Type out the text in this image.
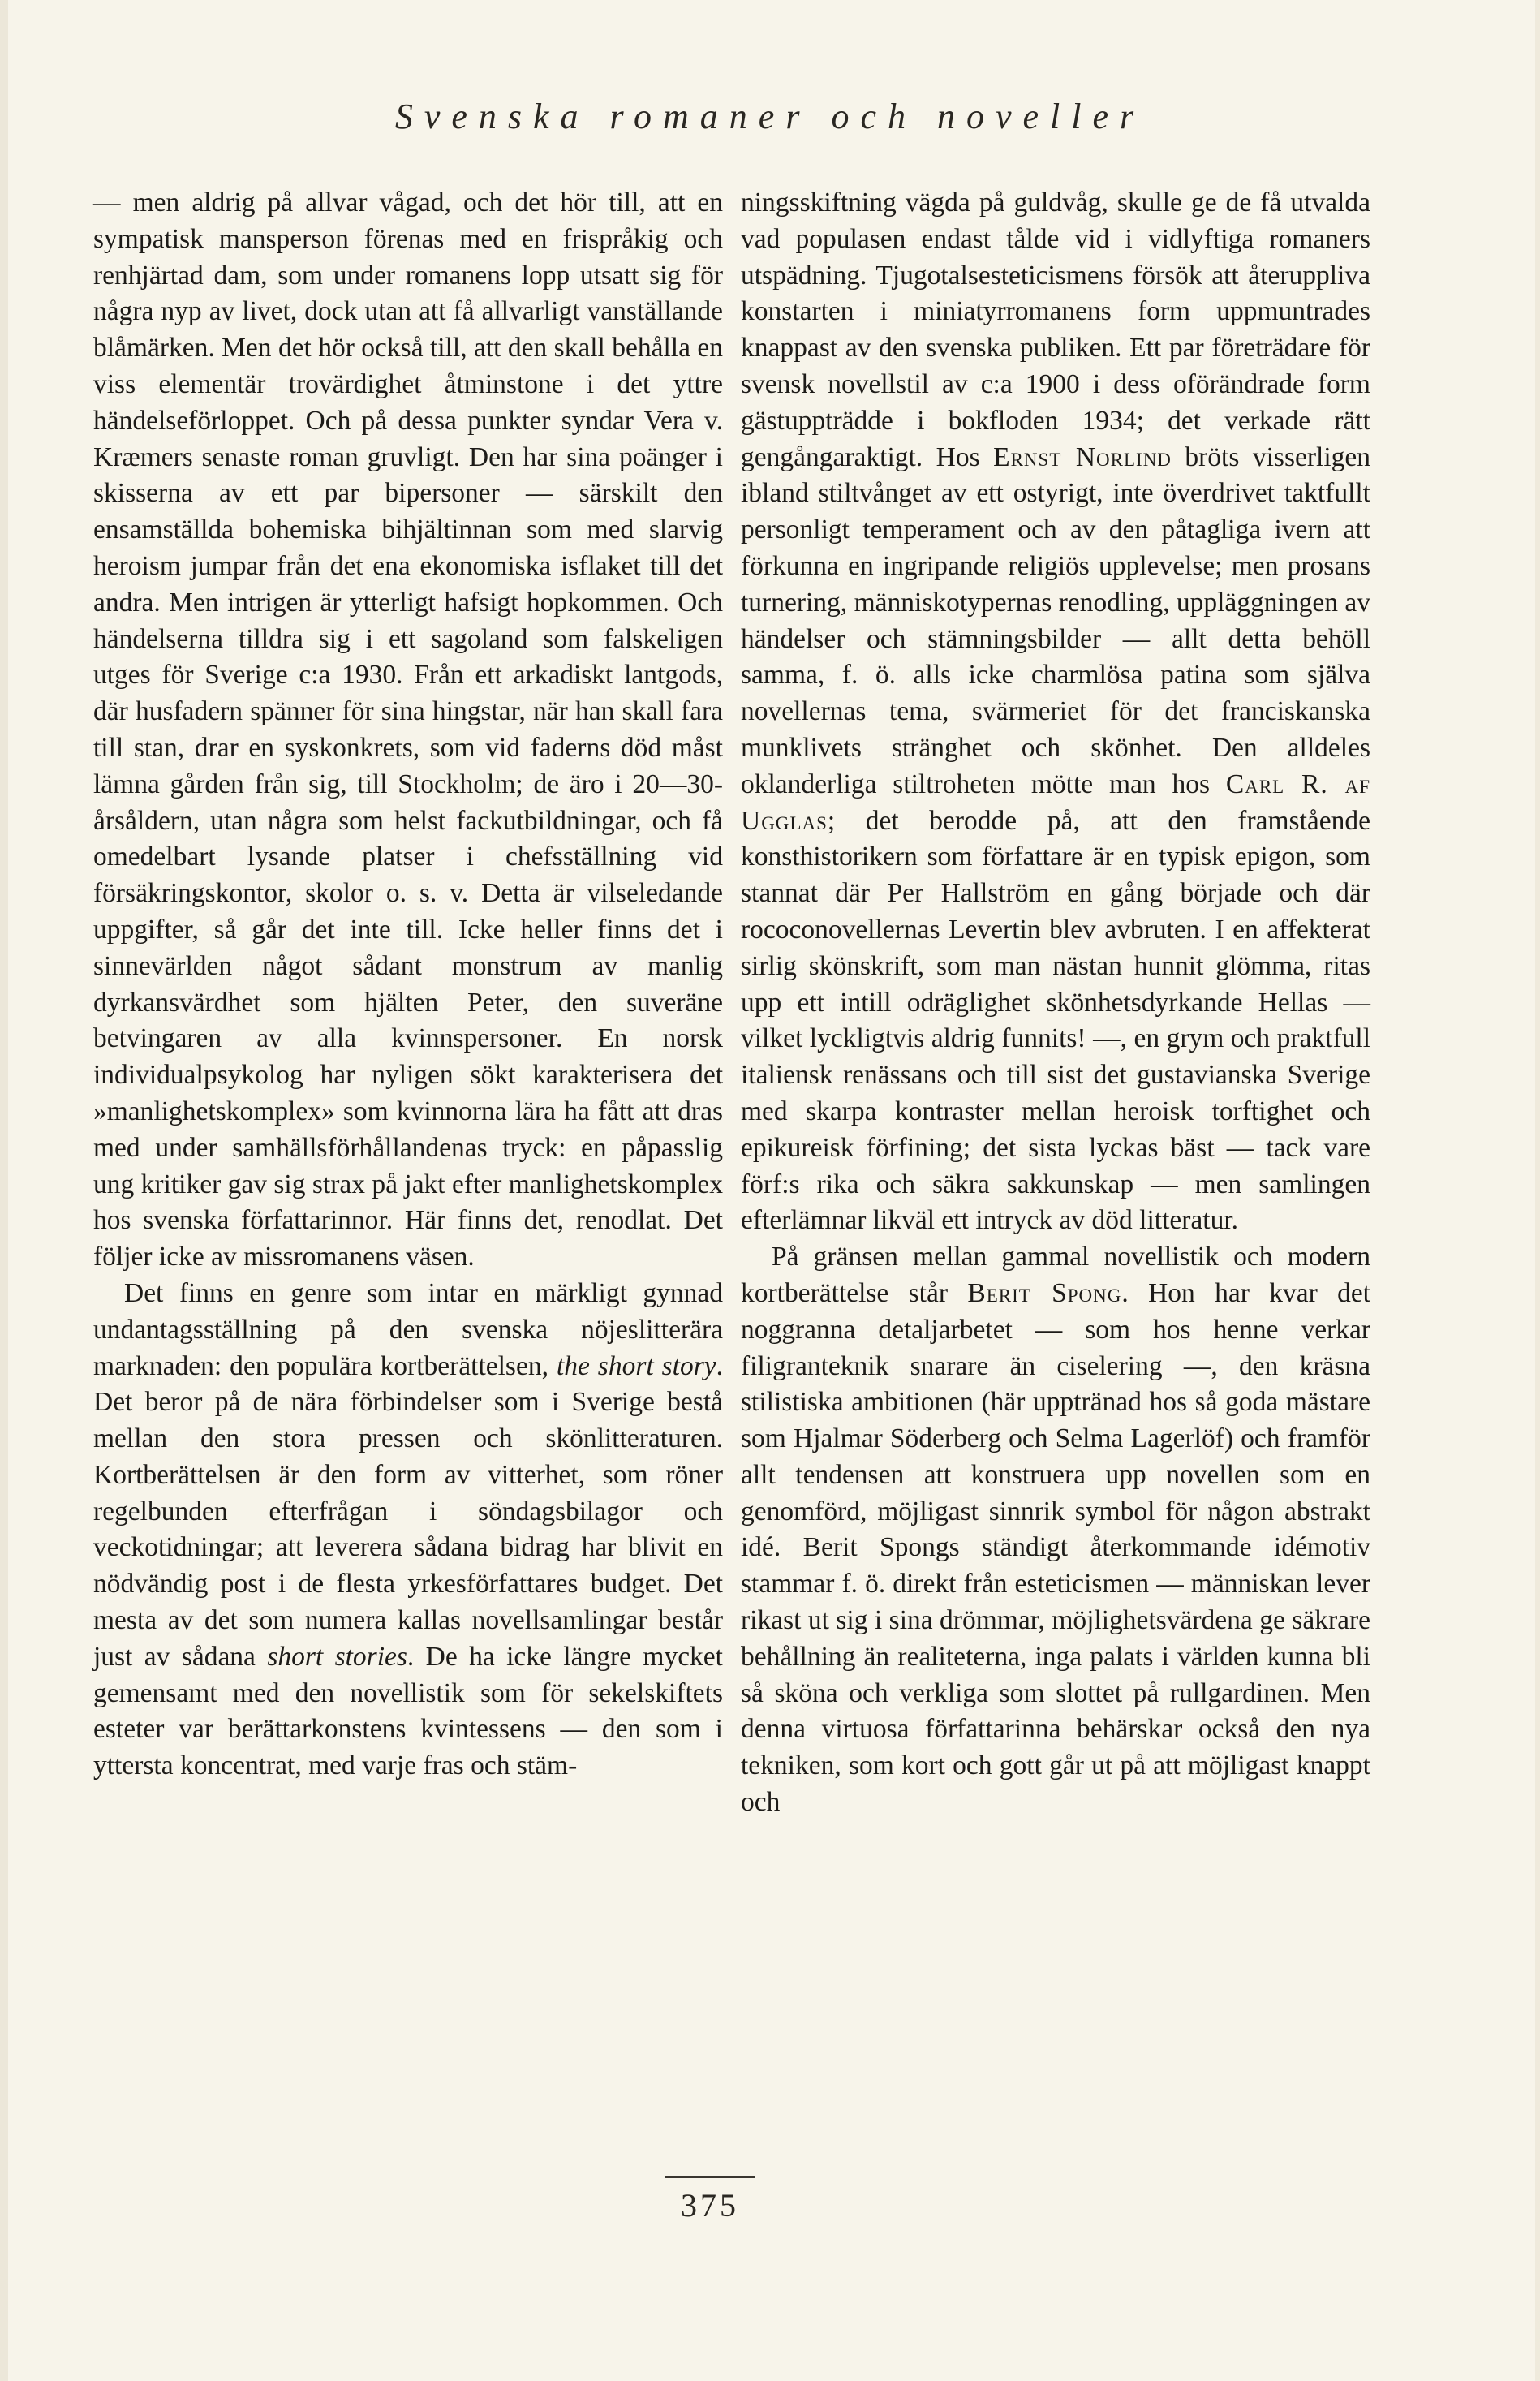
Svenska romaner och noveller

— men aldrig på allvar vågad, och det hör till, att en sympatisk mansperson förenas med en frispråkig och renhjärtad dam, som under romanens lopp utsatt sig för några nyp av livet, dock utan att få allvarligt vanställande blåmärken. Men det hör också till, att den skall behålla en viss elementär trovärdighet åtminstone i det yttre händelseförloppet. Och på dessa punkter syndar Vera v. Kræmers senaste roman gruvligt. Den har sina poänger i skisserna av ett par bipersoner — särskilt den ensamställda bohemiska bihjältinnan som med slarvig heroism jumpar från det ena ekonomiska isflaket till det andra. Men intrigen är ytterligt hafsigt hopkommen. Och händelserna tilldra sig i ett sagoland som falskeligen utges för Sverige c:a 1930. Från ett arkadiskt lantgods, där husfadern spänner för sina hingstar, när han skall fara till stan, drar en syskonkrets, som vid faderns död måst lämna gården från sig, till Stockholm; de äro i 20—30-årsåldern, utan några som helst fackutbildningar, och få omedelbart lysande platser i chefsställning vid försäkringskontor, skolor o. s. v. Detta är vilseledande uppgifter, så går det inte till. Icke heller finns det i sinnevärlden något sådant monstrum av manlig dyrkansvärdhet som hjälten Peter, den suveräne betvingaren av alla kvinnspersoner. En norsk individualpsykolog har nyligen sökt karakterisera det »manlighetskomplex» som kvinnorna lära ha fått att dras med under samhällsförhållandenas tryck: en påpasslig ung kritiker gav sig strax på jakt efter manlighetskomplex hos svenska författarinnor. Här finns det, renodlat. Det följer icke av missromanens väsen.

Det finns en genre som intar en märkligt gynnad undantagsställning på den svenska nöjeslitterära marknaden: den populära kortberättelsen, the short story. Det beror på de nära förbindelser som i Sverige bestå mellan den stora pressen och skönlitteraturen. Kortberättelsen är den form av vitterhet, som röner regelbunden efterfrågan i söndagsbilagor och veckotidningar; att leverera sådana bidrag har blivit en nödvändig post i de flesta yrkesförfattares budget. Det mesta av det som numera kallas novellsamlingar består just av sådana short stories. De ha icke längre mycket gemensamt med den novellistik som för sekelskiftets esteter var berättarkonstens kvintessens — den som i yttersta koncentrat, med varje fras och stäm-

ningsskiftning vägda på guldvåg, skulle ge de få utvalda vad populasen endast tålde vid i vidlyftiga romaners utspädning. Tjugotalsesteticismens försök att återuppliva konstarten i miniatyrromanens form uppmuntrades knappast av den svenska publiken. Ett par företrädare för svensk novellstil av c:a 1900 i dess oförändrade form gästuppträdde i bokfloden 1934; det verkade rätt gengångaraktigt. Hos Ernst Norlind bröts visserligen ibland stiltvånget av ett ostyrigt, inte överdrivet taktfullt personligt temperament och av den påtagliga ivern att förkunna en ingripande religiös upplevelse; men prosans turnering, människotypernas renodling, uppläggningen av händelser och stämningsbilder — allt detta behöll samma, f. ö. alls icke charmlösa patina som själva novellernas tema, svärmeriet för det franciskanska munklivets stränghet och skönhet. Den alldeles oklanderliga stiltroheten mötte man hos Carl R. af Ugglas; det berodde på, att den framstående konsthistorikern som författare är en typisk epigon, som stannat där Per Hallström en gång började och där rococonovellernas Levertin blev avbruten. I en affekterat sirlig skönskrift, som man nästan hunnit glömma, ritas upp ett intill odräglighet skönhetsdyrkande Hellas — vilket lyckligtvis aldrig funnits! —, en grym och praktfull italiensk renässans och till sist det gustavianska Sverige med skarpa kontraster mellan heroisk torftighet och epikureisk förfining; det sista lyckas bäst — tack vare förf:s rika och säkra sakkunskap — men samlingen efterlämnar likväl ett intryck av död litteratur.

På gränsen mellan gammal novellistik och modern kortberättelse står Berit Spong. Hon har kvar det noggranna detaljarbetet — som hos henne verkar filigranteknik snarare än ciselering —, den kräsna stilistiska ambitionen (här upptränad hos så goda mästare som Hjalmar Söderberg och Selma Lagerlöf) och framför allt tendensen att konstruera upp novellen som en genomförd, möjligast sinnrik symbol för någon abstrakt idé. Berit Spongs ständigt återkommande idémotiv stammar f. ö. direkt från esteticismen — människan lever rikast ut sig i sina drömmar, möjlighetsvärdena ge säkrare behållning än realiteterna, inga palats i världen kunna bli så sköna och verkliga som slottet på rullgardinen. Men denna virtuosa författarinna behärskar också den nya tekniken, som kort och gott går ut på att möjligast knappt och

375
